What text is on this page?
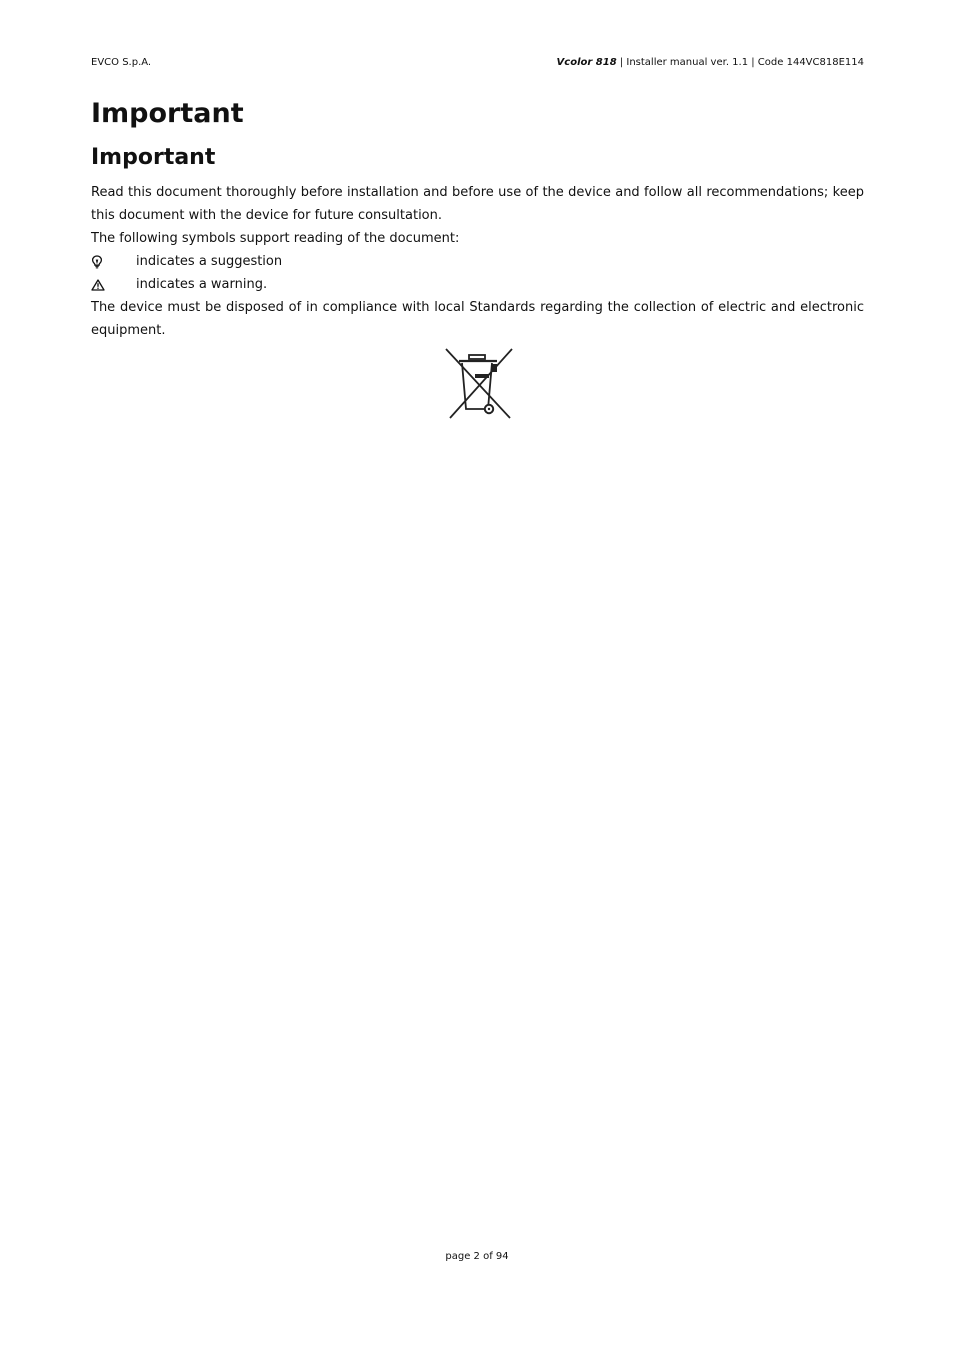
EVCO S.p.A.	Vcolor 818 | Installer manual ver. 1.1 | Code 144VC818E114
Important
Important

Read this document thoroughly before installation and before use of the device and follow all recommendations; keep this document with the device for future consultation.

The following symbols support reading of the document:

indicates a suggestion
indicates a warning.

The device must be disposed of in compliance with local Standards regarding the collection of electric and electronic equipment.

page 2 of 94
